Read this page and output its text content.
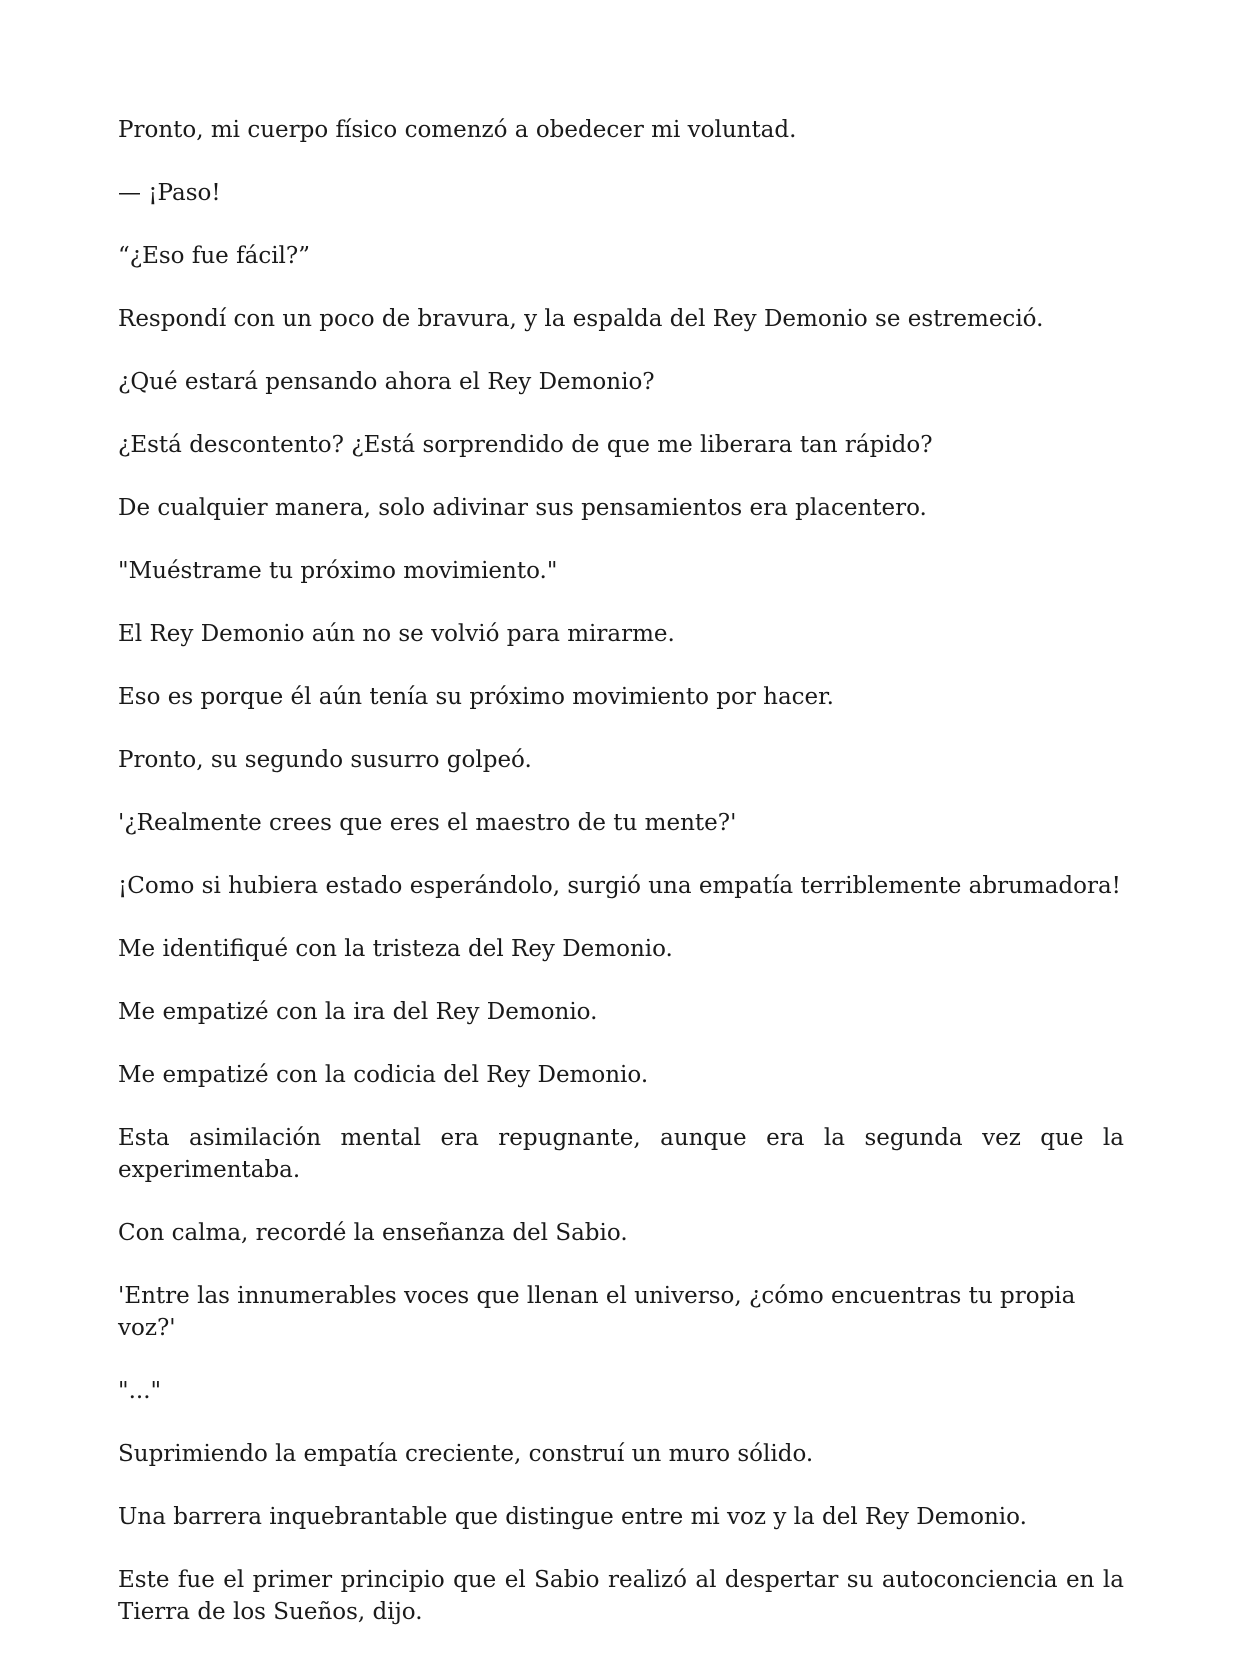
Pronto, mi cuerpo físico comenzó a obedecer mi voluntad.

— ¡Paso!

“¿Eso fue fácil?”

Respondí con un poco de bravura, y la espalda del Rey Demonio se estremeció.

¿Qué estará pensando ahora el Rey Demonio?

¿Está descontento? ¿Está sorprendido de que me liberara tan rápido?

De cualquier manera, solo adivinar sus pensamientos era placentero.

"Muéstrame tu próximo movimiento."

El Rey Demonio aún no se volvió para mirarme.

Eso es porque él aún tenía su próximo movimiento por hacer.

Pronto, su segundo susurro golpeó.

'¿Realmente crees que eres el maestro de tu mente?'

¡Como si hubiera estado esperándolo, surgió una empatía terriblemente abrumadora!

Me identifiqué con la tristeza del Rey Demonio.

Me empatizé con la ira del Rey Demonio.

Me empatizé con la codicia del Rey Demonio.

Esta asimilación mental era repugnante, aunque era la segunda vez que la experimentaba.

Con calma, recordé la enseñanza del Sabio.

'Entre las innumerables voces que llenan el universo, ¿cómo encuentras tu propia voz?'

"..."

Suprimiendo la empatía creciente, construí un muro sólido.

Una barrera inquebrantable que distingue entre mi voz y la del Rey Demonio.

Este fue el primer principio que el Sabio realizó al despertar su autoconciencia en la Tierra de los Sueños, dijo.
